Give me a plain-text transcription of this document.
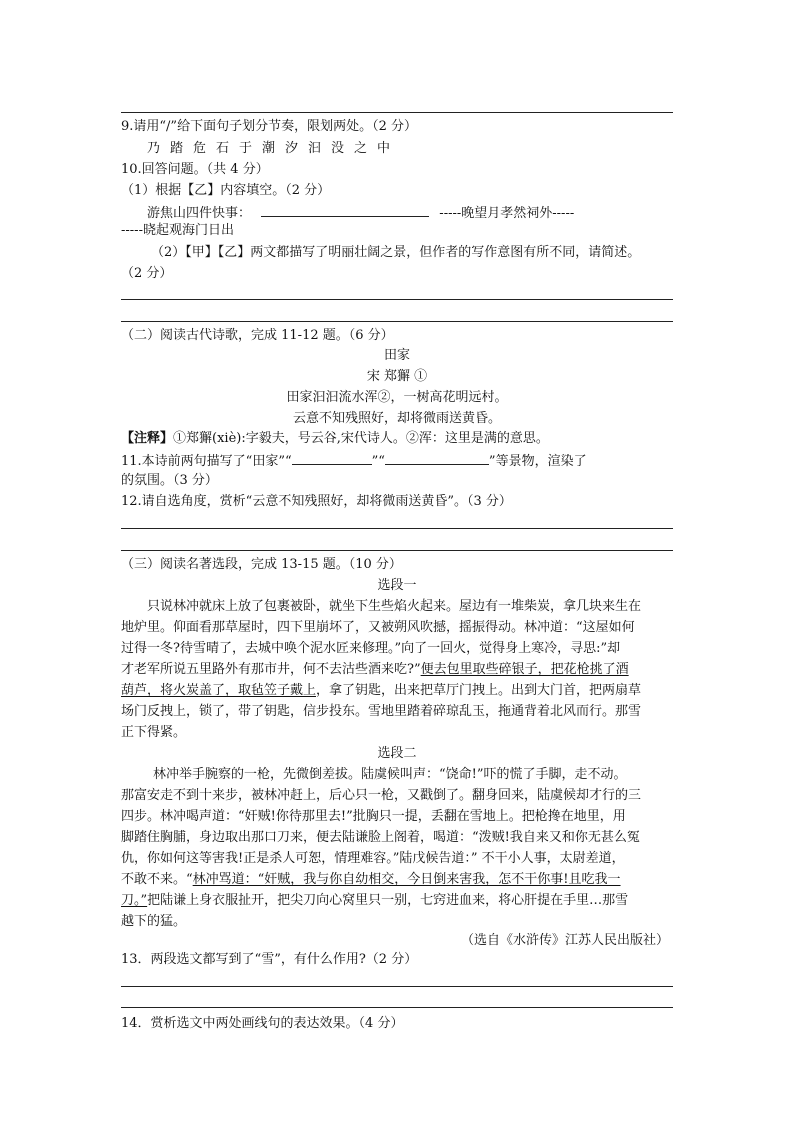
9.请用“/”给下面句子划分节奏，限划两处。（2 分）
乃踏危石于潮汐汩没之中
10.回答问题。（共 4 分）
（1）根据【乙】内容填空。（2 分）
游焦山四件快事：	-----晚望月孝然祠外-----
-----晓起观海门日出
（2）【甲】【乙】两文都描写了明丽壮阔之景，但作者的写作意图有所不同，请简述。
（2 分）
（二）阅读古代诗歌，完成 11-12 题。（6 分）
田家
宋 郑獬 ①
田家汩汩流水浑②，一树高花明远村。
云意不知残照好，却将微雨送黄昏。
【注释】①郑獬(xiè):字毅夫，号云谷,宋代诗人。②浑：这里是满的意思。
11.本诗前两句描写了“田家”“	”“	”等景物，渲染了
的氛围。（3 分）
12.请自选角度，赏析“云意不知残照好，却将微雨送黄昏”。（3 分）
（三）阅读名著选段，完成 13-15 题。（10 分）
选段一
只说林冲就床上放了包裹被卧，就坐下生些焰火起来。屋边有一堆柴炭，拿几块来生在
地炉里。仰面看那草屋时，四下里崩坏了，又被朔风吹撼，摇振得动。林冲道：“这屋如何
过得一冬?待雪晴了，去城中唤个泥水匠来修理。”向了一回火，觉得身上寒冷，寻思:”却
才老军所说五里路外有那市井，何不去沽些酒来吃?”便去包里取些碎银子，把花枪挑了酒
葫芦，将火炭盖了，取毡笠子戴上，拿了钥匙，出来把草厅门拽上。出到大门首，把两扇草
场门反拽上，锁了，带了钥匙，信步投东。雪地里踏着碎琼乱玉，拖通背着北风而行。那雪
正下得紧。
选段二
林冲举手腕察的一枪，先微倒差拔。陆虞候叫声：“饶命!”吓的慌了手脚，走不动。
那富安走不到十来步，被林冲赶上，后心只一枪，又戳倒了。翻身回来，陆虞候却才行的三
四步。林冲喝声道：“奸贼!你待那里去!”批胸只一提，丢翻在雪地上。把枪搀在地里，用
脚踏住胸脯，身边取出那口刀来，便去陆谦脸上阁着，喝道：“泼贼!我自来又和你无甚么冤
仇，你如何这等害我!正是杀人可恕，情理难容。”陆戊候告道：” 不干小人事，太尉差道，
不敢不来。“林冲骂道：“奸贼，我与你自幼相交，今日倒来害我，怎不干你事!且吃我一
刀。”把陆谦上身衣服扯开，把尖刀向心窝里只一别，七窍进血来，将心肝提在手里…那雪
越下的猛。
（选自《水浒传》江苏人民出版社）
13．两段选文都写到了“雪”，有什么作用?（2 分）
14．赏析选文中两处画线句的表达效果。（4 分）
